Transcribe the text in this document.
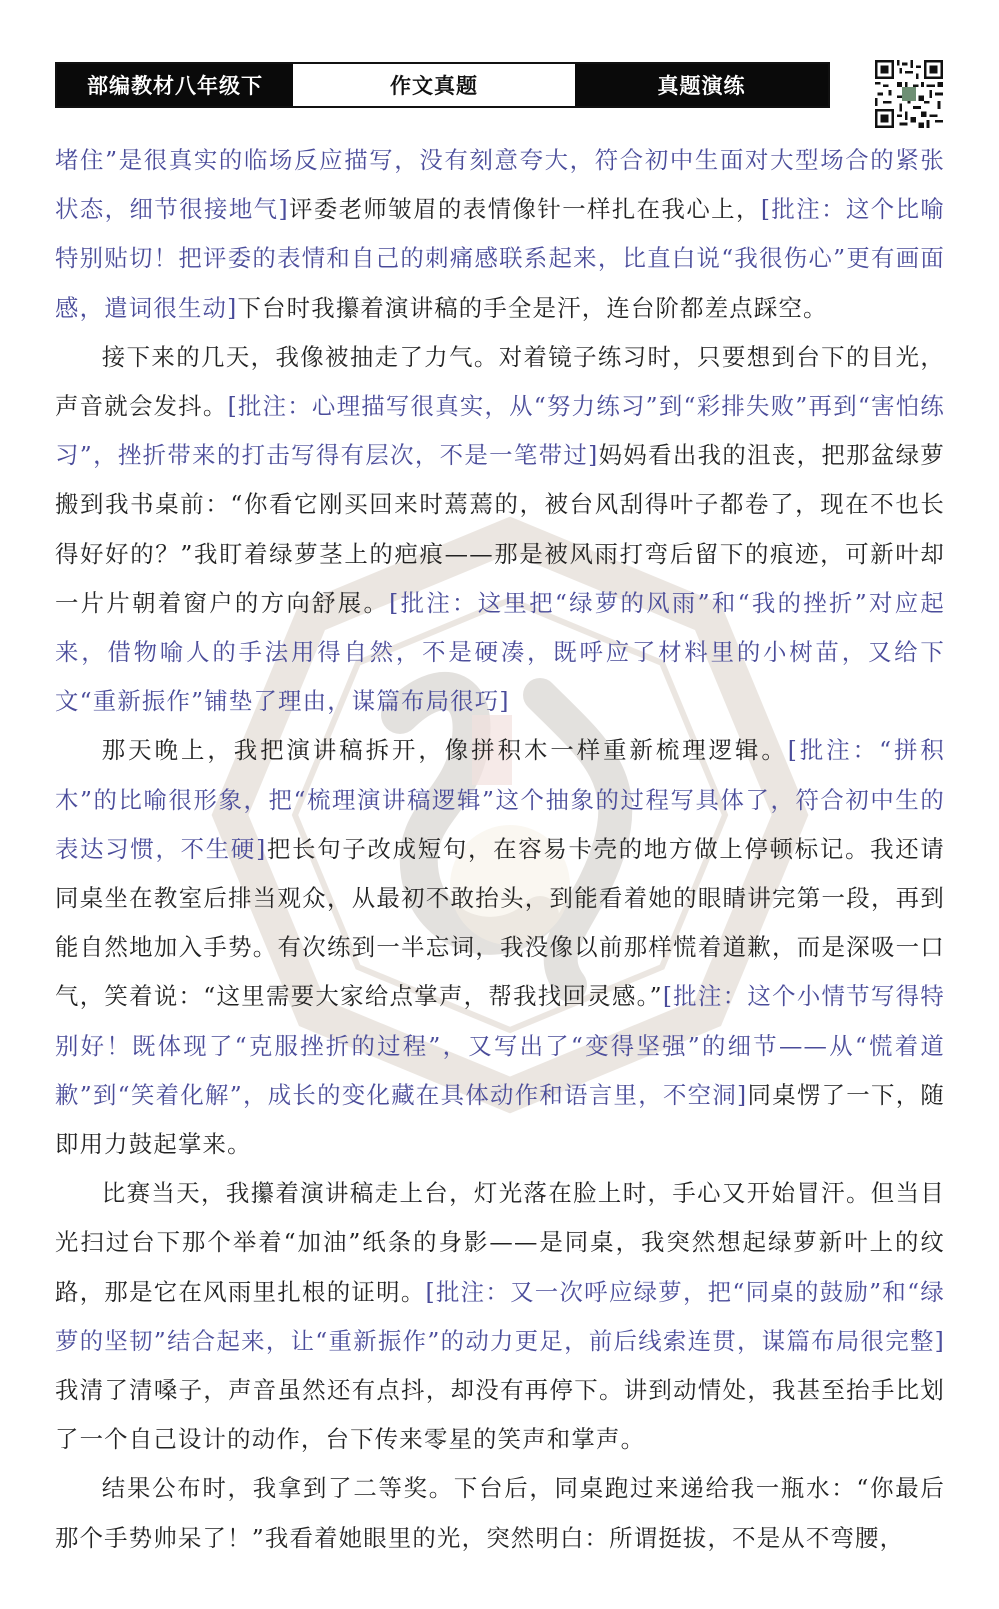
部编教材八年级下	作文真题	真题演练

堵住”是很真实的临场反应描写，没有刻意夸大，符合初中生面对大型场合的紧张状态，细节很接地气]评委老师皱眉的表情像针一样扎在我心上，[批注：这个比喻特别贴切！把评委的表情和自己的刺痛感联系起来，比直白说“我很伤心”更有画面感，遣词很生动]下台时我攥着演讲稿的手全是汗，连台阶都差点踩空。

接下来的几天，我像被抽走了力气。对着镜子练习时，只要想到台下的目光，声音就会发抖。[批注：心理描写很真实，从“努力练习”到“彩排失败”再到“害怕练习”，挫折带来的打击写得有层次，不是一笔带过]妈妈看出我的沮丧，把那盆绿萝搬到我书桌前：“你看它刚买回来时蔫蔫的，被台风刮得叶子都卷了，现在不也长得好好的？”我盯着绿萝茎上的疤痕——那是被风雨打弯后留下的痕迹，可新叶却一片片朝着窗户的方向舒展。[批注：这里把“绿萝的风雨”和“我的挫折”对应起来，借物喻人的手法用得自然，不是硬凑，既呼应了材料里的小树苗，又给下文“重新振作”铺垫了理由，谋篇布局很巧]

那天晚上，我把演讲稿拆开，像拼积木一样重新梳理逻辑。[批注：“拼积木”的比喻很形象，把“梳理演讲稿逻辑”这个抽象的过程写具体了，符合初中生的表达习惯，不生硬]把长句子改成短句，在容易卡壳的地方做上停顿标记。我还请同桌坐在教室后排当观众，从最初不敢抬头，到能看着她的眼睛讲完第一段，再到能自然地加入手势。有次练到一半忘词，我没像以前那样慌着道歉，而是深吸一口气，笑着说：“这里需要大家给点掌声，帮我找回灵感。”[批注：这个小情节写得特别好！既体现了“克服挫折的过程”，又写出了“变得坚强”的细节——从“慌着道歉”到“笑着化解”，成长的变化藏在具体动作和语言里，不空洞]同桌愣了一下，随即用力鼓起掌来。

比赛当天，我攥着演讲稿走上台，灯光落在脸上时，手心又开始冒汗。但当目光扫过台下那个举着“加油”纸条的身影——是同桌，我突然想起绿萝新叶上的纹路，那是它在风雨里扎根的证明。[批注：又一次呼应绿萝，把“同桌的鼓励”和“绿萝的坚韧”结合起来，让“重新振作”的动力更足，前后线索连贯，谋篇布局很完整]我清了清嗓子，声音虽然还有点抖，却没有再停下。讲到动情处，我甚至抬手比划了一个自己设计的动作，台下传来零星的笑声和掌声。

结果公布时，我拿到了二等奖。下台后，同桌跑过来递给我一瓶水：“你最后那个手势帅呆了！”我看着她眼里的光，突然明白：所谓挺拔，不是从不弯腰，
